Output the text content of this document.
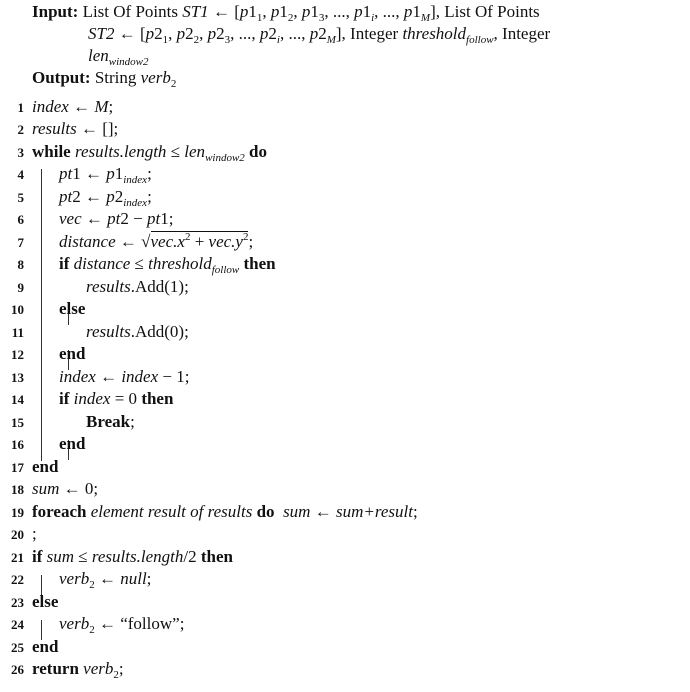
Input: List Of Points ST1 ← [$p1_1$, $p1_2$, $p1_3$, ..., $p1_i$, ..., $p1_M$], List Of Points
ST2 ← [$p2_1$, $p2_2$, $p2_3$, ..., $p2_i$, ..., $p2_M$], Integer threshold$_{follow}$, Integer
len$_{window2}$
Output: String verb$_2$
1 index ← M;
2 results ← [];
3 while results.length ≤ len$_{window2}$ do
4 pt1 ← $p1_{index}$;
5 pt2 ← $p2_{index}$;
6 vec ← pt2 − pt1;
7 distance ← $√vec.x^2 + vec.y^2$;
8 if distance ≤ threshold$_{follow}$ then
9	results.Add(1);
10 else
11	results.Add(0);
12 end
13 index ← index − 1;
14 if index = 0 then
15	Break;
16 end
17 end
18 sum ← 0;
19 foreach element result of results do sum ← sum+result;
20 ;
21 if sum ≤ results.length/2 then
22 verb$_2$ ← null;
23 else
24 verb$_2$ ← “follow”;
25 end
26 return verb$_2$;
